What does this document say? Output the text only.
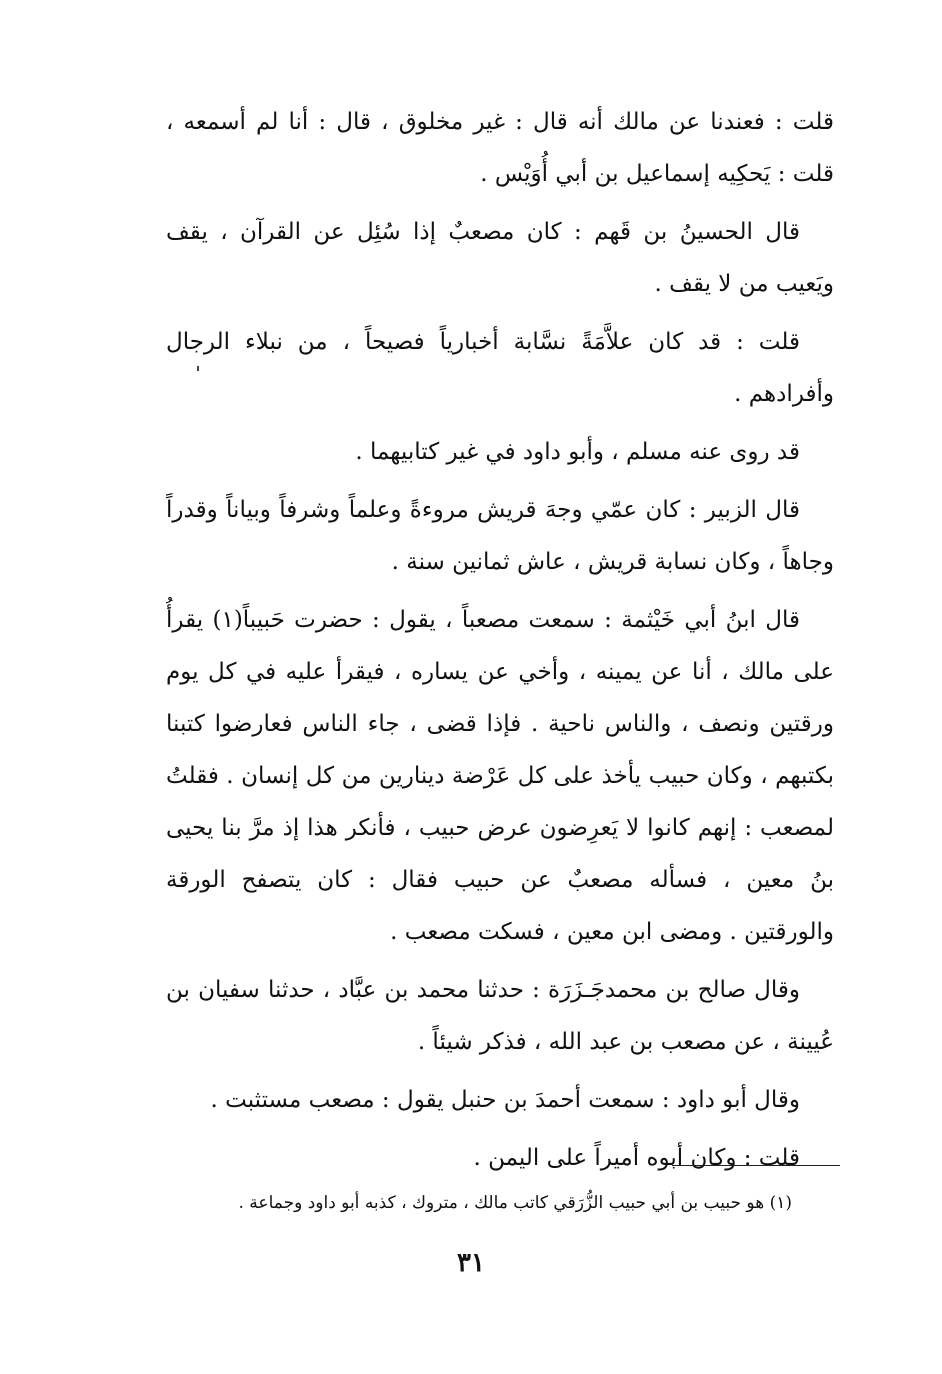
قلت : فعندنا عن مالك أنه قال : غير مخلوق ، قال : أنا لم أسمعه ، قلت : يَحكِيه إسماعيل بن أبي أُوَيْس .

قال الحسينُ بن قَهم : كان مصعبٌ إذا سُئِل عن القرآن ، يقف ويَعيب من لا يقف .

قلت : قد كان علاَّمَةً نسَّابة أخبارياً فصيحاً ، من نبلاء الرجال وأفرادهم .

قد روى عنه مسلم ، وأبو داود في غير كتابيهما .

قال الزبير : كان عمّي وجهَ قريش مروءةً وعلماً وشرفاً وبياناً وقدراً وجاهاً ، وكان نسابة قريش ، عاش ثمانين سنة .

قال ابنُ أبي خَيْثمة : سمعت مصعباً ، يقول : حضرت حَبيباً(١) يقرأُ على مالك ، أنا عن يمينه ، وأخي عن يساره ، فيقرأ عليه في كل يوم ورقتين ونصف ، والناس ناحية . فإذا قضى ، جاء الناس فعارضوا كتبنا بكتبهم ، وكان حبيب يأخذ على كل عَرْضة دينارين من كل إنسان . فقلتُ لمصعب : إنهم كانوا لا يَعرِضون عرض حبيب ، فأنكر هذا إذ مرَّ بنا يحيى بنُ معين ، فسأله مصعبٌ عن حبيب فقال : كان يتصفح الورقة والورقتين . ومضى ابن معين ، فسكت مصعب .

وقال صالح بن محمدجَـزَرَة : حدثنا محمد بن عبَّاد ، حدثنا سفيان بن عُيينة ، عن مصعب بن عبد الله ، فذكر شيئاً .

وقال أبو داود : سمعت أحمدَ بن حنبل يقول : مصعب مستثبت .

قلت : وكان أبوه أميراً على اليمن .

(١) هو حبيب بن أبي حبيب الزُّرَقي كاتب مالك ، متروك ، كذبه أبو داود وجماعة .
٣١
